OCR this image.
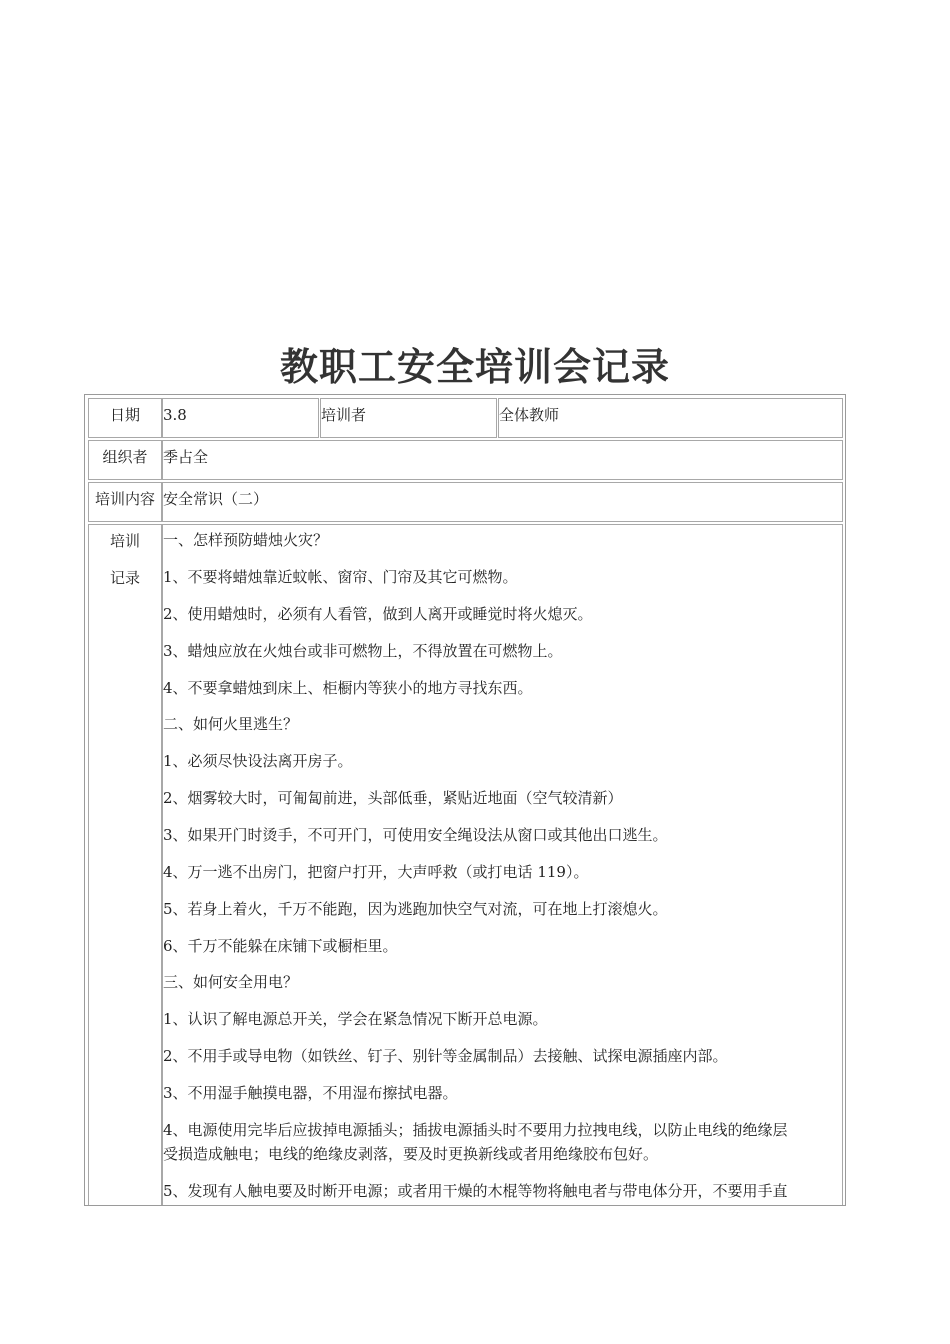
教职工安全培训会记录
日期	3.8	培训者	全体教师
组织者	季占全
培训内容 安全常识（二）
培训
记录
一、怎样预防蜡烛火灾？
1、不要将蜡烛靠近蚊帐、窗帘、门帘及其它可燃物。
2、使用蜡烛时，必须有人看管，做到人离开或睡觉时将火熄灭。
3、蜡烛应放在火烛台或非可燃物上，不得放置在可燃物上。
4、不要拿蜡烛到床上、柜橱内等狭小的地方寻找东西。
二、如何火里逃生？
1、必须尽快设法离开房子。
2、烟雾较大时，可匍匐前进，头部低垂，紧贴近地面（空气较清新）
3、如果开门时烫手，不可开门，可使用安全绳设法从窗口或其他出口逃生。
4、万一逃不出房门，把窗户打开，大声呼救（或打电话 119）。
5、若身上着火，千万不能跑，因为逃跑加快空气对流，可在地上打滚熄火。
6、千万不能躲在床铺下或橱柜里。
三、如何安全用电？
1、认识了解电源总开关，学会在紧急情况下断开总电源。
2、不用手或导电物（如铁丝、钉子、别针等金属制品）去接触、试探电源插座内部。
3、不用湿手触摸电器，不用湿布擦拭电器。
4、电源使用完毕后应拔掉电源插头；插拔电源插头时不要用力拉拽电线，以防止电线的绝缘层
受损造成触电；电线的绝缘皮剥落，要及时更换新线或者用绝缘胶布包好。
5、发现有人触电要及时断开电源；或者用干燥的木棍等物将触电者与带电体分开，不要用手直
